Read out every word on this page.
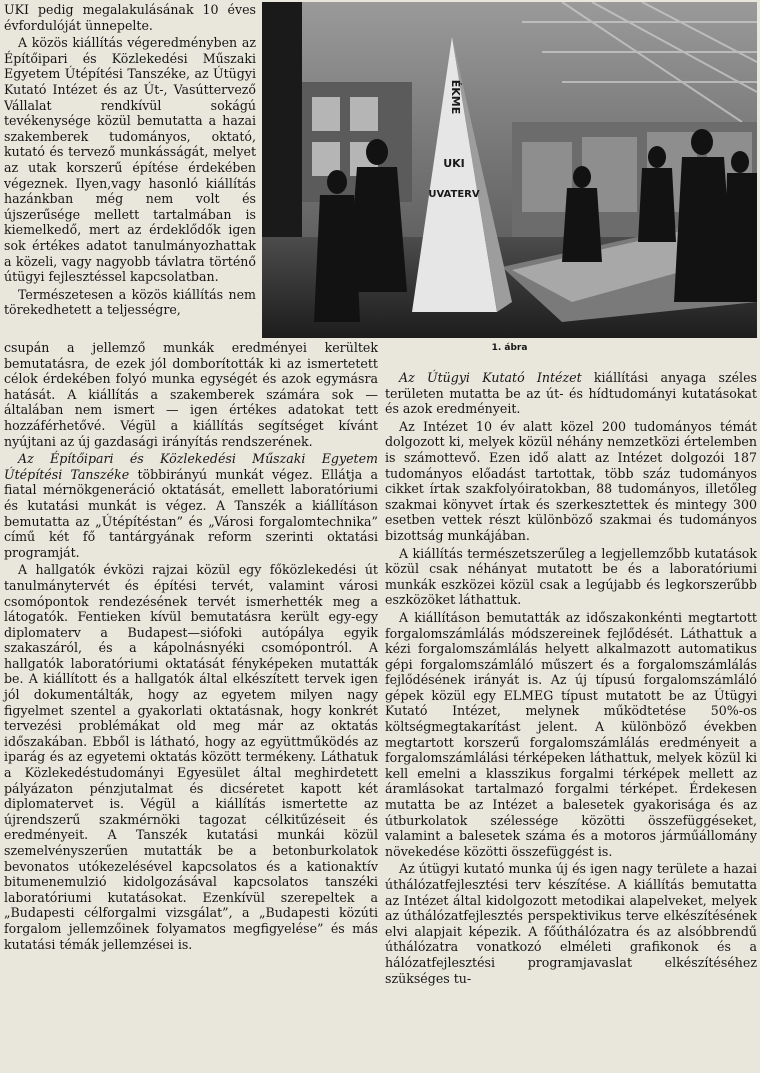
UKI pedig megalakulásának 10 éves évfordulóját ünnepelte.

A közös kiállítás végeredményben az Építőipari és Közlekedési Műszaki Egyetem Útépítési Tanszéke, az Útügyi Kutató Intézet és az Út-, Vasúttervező Vállalat rendkívül sokágú tevékenysége közül bemutatta a hazai szakemberek tudományos, oktató, kutató és tervező munkásságát, melyet az utak korszerű építése érdekében végeznek. Ilyen,vagy hasonló kiállítás hazánkban még nem volt és újszerűsége mellett tartalmában is kiemelkedő, mert az érdeklődők igen sok értékes adatot tanulmányozhattak a közeli, vagy nagyobb távlatra történő útügyi fejlesztéssel kapcsolatban.

Természetesen a közös kiállítás nem törekedhetett a teljességre,

ÉKME
UKI
UVATERV
1. ábra

csupán a jellemző munkák eredményei kerültek bemutatásra, de ezek jól domborították ki az ismertetett célok érdekében folyó munka egységét és azok egymásra hatását. A kiállítás a szakemberek számára sok — általában nem ismert — igen értékes adatokat tett hozzáférhetővé. Végül a kiállítás segítséget kívánt nyújtani az új gazdasági irányítás rendszerének.

Az Építőipari és Közlekedési Műszaki Egyetem Útépítési Tanszéke többirányú munkát végez. Ellátja a fiatal mérnökgeneráció oktatását, emellett laboratóriumi és kutatási munkát is végez. A Tanszék a kiállításon bemutatta az „Útépítéstan” és „Városi forgalomtechnika” című két fő tantárgyának reform szerinti oktatási programját.

A hallgatók évközi rajzai közül egy főközlekedési út tanulmánytervét és építési tervét, valamint városi csomópontok rendezésének tervét ismerhették meg a látogatók. Fentieken kívül bemutatásra került egy-egy diplomaterv a Budapest—siófoki autópálya egyik szakaszáról, és a kápolnásnyéki csomópontról. A hallgatók laboratóriumi oktatását fényképeken mutatták be. A kiállított és a hallgatók által elkészített tervek igen jól dokumentálták, hogy az egyetem milyen nagy figyelmet szentel a gyakorlati oktatásnak, hogy konkrét tervezési problémákat old meg már az oktatás időszakában. Ebből is látható, hogy az együttműködés az iparág és az egyetemi oktatás között termékeny. Láthatuk a Közlekedéstudományi Egyesület által meghirdetett pályázaton pénzjutalmat és dicséretet kapott két diplomatervet is. Végül a kiállítás ismertette az újrendszerű szakmérnöki tagozat célkitűzéseit és eredményeit. A Tanszék kutatási munkái közül szemelvényszerűen mutatták be a betonburkolatok bevonatos utókezelésével kapcsolatos és a kationaktív bitumenemulzió kidolgozásával kapcsolatos tanszéki laboratóriumi kutatásokat. Ezenkívül szerepeltek a „Budapesti célforgalmi vizsgálat”, a „Budapesti közúti forgalom jellemzőinek folyamatos megfigyelése” és más kutatási témák jellemzései is.

Az Útügyi Kutató Intézet kiállítási anyaga széles területen mutatta be az út- és hídtudományi kutatásokat és azok eredményeit.

Az Intézet 10 év alatt közel 200 tudományos témát dolgozott ki, melyek közül néhány nemzetközi értelemben is számottevő. Ezen idő alatt az Intézet dolgozói 187 tudományos előadást tartottak, több száz tudományos cikket írtak szakfolyóiratokban, 88 tudományos, illetőleg szakmai könyvet írtak és szerkesztettek és mintegy 300 esetben vettek részt különböző szakmai és tudományos bizottság munkájában.

A kiállítás természetszerűleg a legjellemzőbb kutatások közül csak néhányat mutatott be és a laboratóriumi munkák eszközei közül csak a legújabb és legkorszerűbb eszközöket láthattuk.

A kiállításon bemutatták az időszakonkénti megtartott forgalomszámlálás módszereinek fejlődését. Láthattuk a kézi forgalomszámlálás helyett alkalmazott automatikus gépi forgalomszámláló műszert és a forgalomszámlálás fejlődésének irányát is. Az új típusú forgalomszámláló gépek közül egy ELMEG típust mutatott be az Útügyi Kutató Intézet, melynek működtetése 50%-os költségmegtakarítást jelent. A különböző években megtartott korszerű forgalomszámlálás eredményeit a forgalomszámlálási térképeken láthattuk, melyek közül ki kell emelni a klasszikus forgalmi térképek mellett az áramlásokat tartalmazó forgalmi térképet. Érdekesen mutatta be az Intézet a balesetek gyakorisága és az útburkolatok szélessége közötti összefüggéseket, valamint a balesetek száma és a motoros járműállomány növekedése közötti összefüggést is.

Az útügyi kutató munka új és igen nagy területe a hazai úthálózatfejlesztési terv készítése. A kiállítás bemutatta az Intézet által kidolgozott metodikai alapelveket, melyek az úthálózatfejlesztés perspektivikus terve elkészítésének elvi alapjait képezik. A főúthálózatra és az alsóbbrendű úthálózatra vonatkozó elméleti grafikonok és a hálózatfejlesztési programjavaslat elkészítéséhez szükséges tu-
